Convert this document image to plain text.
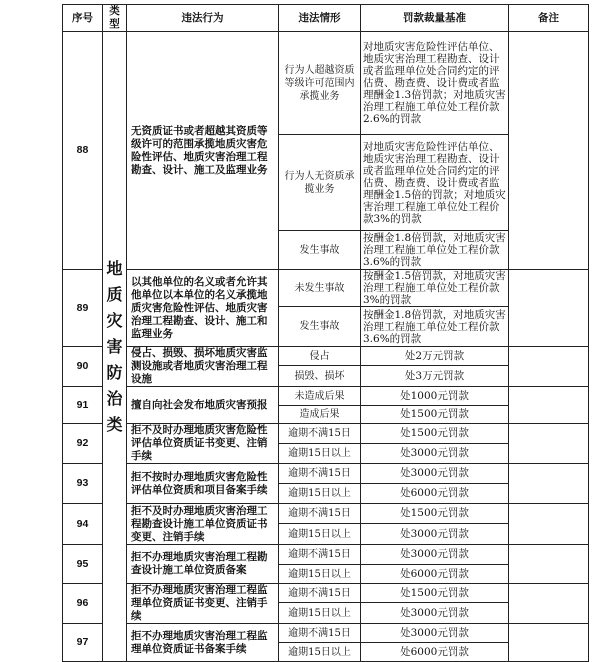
序号	类型	违法行为	违法情形	罚款裁量基准	备注
88	地质灾害防治类	无资质证书或者超越其资质等级许可的范围承揽地质灾害危险性评估、地质灾害治理工程勘查、设计、施工及监理业务	行为人超越资质等级许可范围内承揽业务	对地质灾害危险性评估单位、地质灾害治理工程勘查、设计或者监理单位处合同约定的评估费、勘查费、设计费或者监理酬金1.3倍罚款；对地质灾害治理工程施工单位处工程价款2.6%的罚款	
			行为人无资质承揽业务	对地质灾害危险性评估单位、地质灾害治理工程勘查、设计或者监理单位处合同约定的评估费、勘查费、设计费或者监理酬金1.5倍的罚款；对地质灾害治理工程施工单位处工程价款3%的罚款	
			发生事故	按酬金1.8倍罚款，对地质灾害治理工程施工单位处工程价款3.6%的罚款	
89		以其他单位的名义或者允许其他单位以本单位的名义承揽地质灾害危险性评估、地质灾害治理工程勘查、设计、施工和监理业务	未发生事故	按酬金1.5倍罚款，对地质灾害治理工程施工单位处工程价款3%的罚款	
			发生事故	按酬金1.8倍罚款，对地质灾害治理工程施工单位处工程价款3.6%的罚款	
90		侵占、损毁、损坏地质灾害监测设施或者地质灾害治理工程设施	侵占	处2万元罚款	
			损毁、损坏	处3万元罚款	
91		擅自向社会发布地质灾害预报	未造成后果	处1000元罚款	
			造成后果	处1500元罚款	
92		拒不及时办理地质灾害危险性评估单位资质证书变更、注销手续	逾期不满15日	处1500元罚款	
			逾期15日以上	处3000元罚款	
93		拒不按时办理地质灾害危险性评估单位资质和项目备案手续	逾期不满15日	处3000元罚款	
			逾期15日以上	处6000元罚款	
94		拒不及时办理地质灾害治理工程勘查设计施工单位资质证书变更、注销手续	逾期不满15日	处1500元罚款	
			逾期15日以上	处3000元罚款	
95		拒不办理地质灾害治理工程勘查设计施工单位资质备案	逾期不满15日	处3000元罚款	
			逾期15日以上	处6000元罚款	
96		拒不办理地质灾害治理工程监理单位资质证书变更、注销手续	逾期不满15日	处1500元罚款	
			逾期15日以上	处3000元罚款	
97		拒不办理地质灾害治理工程监理单位资质证书备案手续	逾期不满15日	处3000元罚款	
			逾期15日以上	处6000元罚款	
